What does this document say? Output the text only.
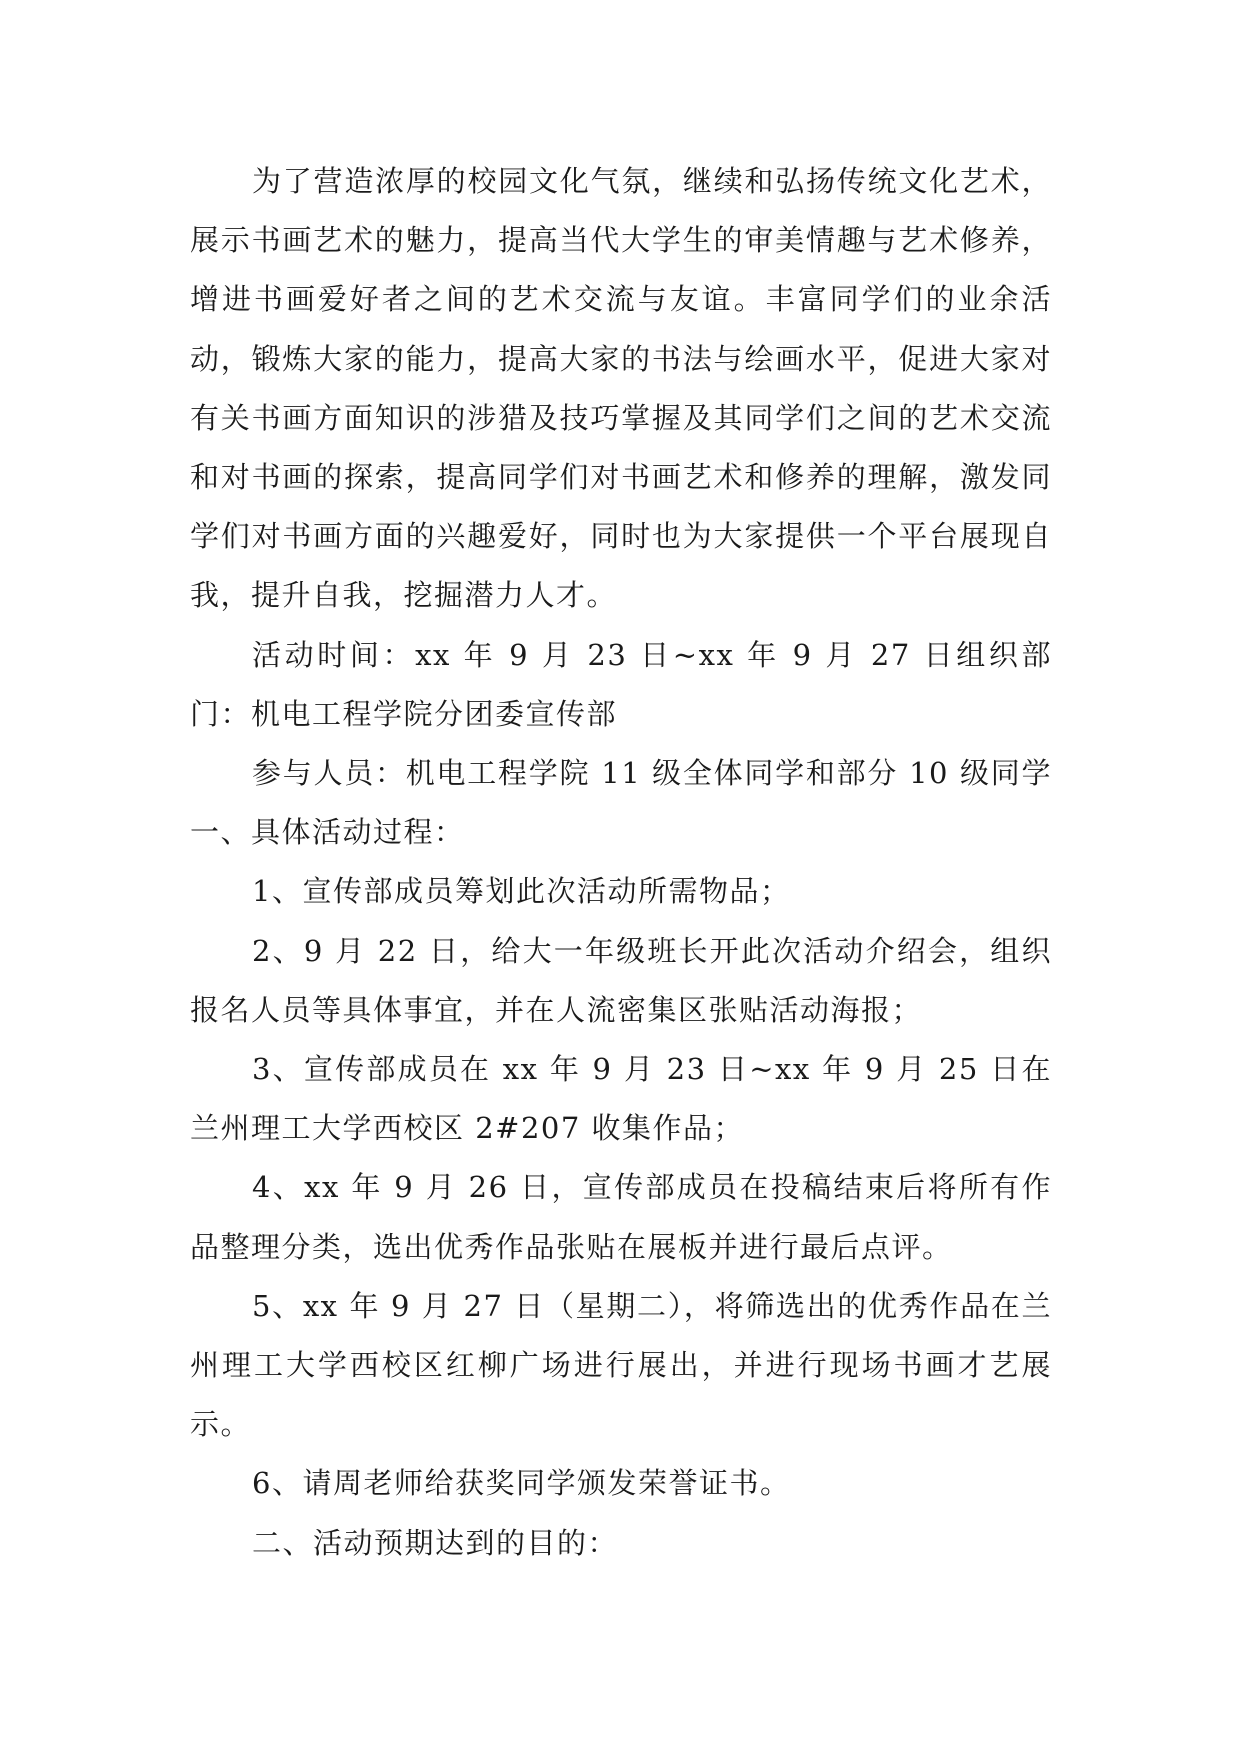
为了营造浓厚的校园文化气氛，继续和弘扬传统文化艺术，展示书画艺术的魅力，提高当代大学生的审美情趣与艺术修养，增进书画爱好者之间的艺术交流与友谊。丰富同学们的业余活动，锻炼大家的能力，提高大家的书法与绘画水平，促进大家对有关书画方面知识的涉猎及技巧掌握及其同学们之间的艺术交流和对书画的探索，提高同学们对书画艺术和修养的理解，激发同学们对书画方面的兴趣爱好，同时也为大家提供一个平台展现自我，提升自我，挖掘潜力人才。

活动时间：xx 年 9 月 23 日~xx 年 9 月 27 日组织部门：机电工程学院分团委宣传部

参与人员：机电工程学院 11 级全体同学和部分 10 级同学一、具体活动过程：

1、宣传部成员筹划此次活动所需物品；

2、9 月 22 日，给大一年级班长开此次活动介绍会，组织报名人员等具体事宜，并在人流密集区张贴活动海报；

3、宣传部成员在 xx 年 9 月 23 日~xx 年 9 月 25 日在兰州理工大学西校区 2#207 收集作品；

4、xx 年 9 月 26 日，宣传部成员在投稿结束后将所有作品整理分类，选出优秀作品张贴在展板并进行最后点评。

5、xx 年 9 月 27 日（星期二），将筛选出的优秀作品在兰州理工大学西校区红柳广场进行展出，并进行现场书画才艺展示。

6、请周老师给获奖同学颁发荣誉证书。

二、活动预期达到的目的：
